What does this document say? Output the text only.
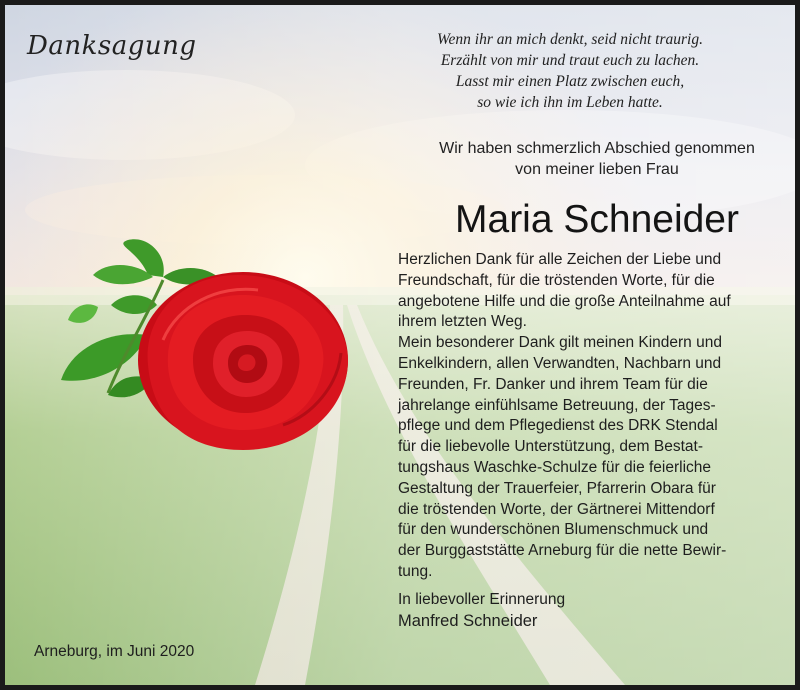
Danksagung	Wenn ihr an mich denkt, seid nicht traurig.
Erzählt von mir und traut euch zu lachen.
Lasst mir einen Platz zwischen euch,
so wie ich ihn im Leben hatte.
Wir haben schmerzlich Abschied genommen
von meiner lieben Frau
Maria Schneider
Herzlichen Dank für alle Zeichen der Liebe und
Freundschaft, für die tröstenden Worte, für die
angebotene Hilfe und die große Anteilnahme auf
ihrem letzten Weg.
Mein besonderer Dank gilt meinen Kindern und
Enkelkindern, allen Verwandten, Nachbarn und
Freunden, Fr. Danker und ihrem Team für die
jahrelange einfühlsame Betreuung, der Tages-
pflege und dem Pflegedienst des DRK Stendal
für die liebevolle Unterstützung, dem Bestat-
tungshaus Waschke-Schulze für die feierliche
Gestaltung der Trauerfeier, Pfarrerin Obara für
die tröstenden Worte, der Gärtnerei Mittendorf
für den wunderschönen Blumenschmuck und
der Burggaststätte Arneburg für die nette Bewir-
tung.
In liebevoller Erinnerung
Manfred Schneider
Arneburg, im Juni 2020
